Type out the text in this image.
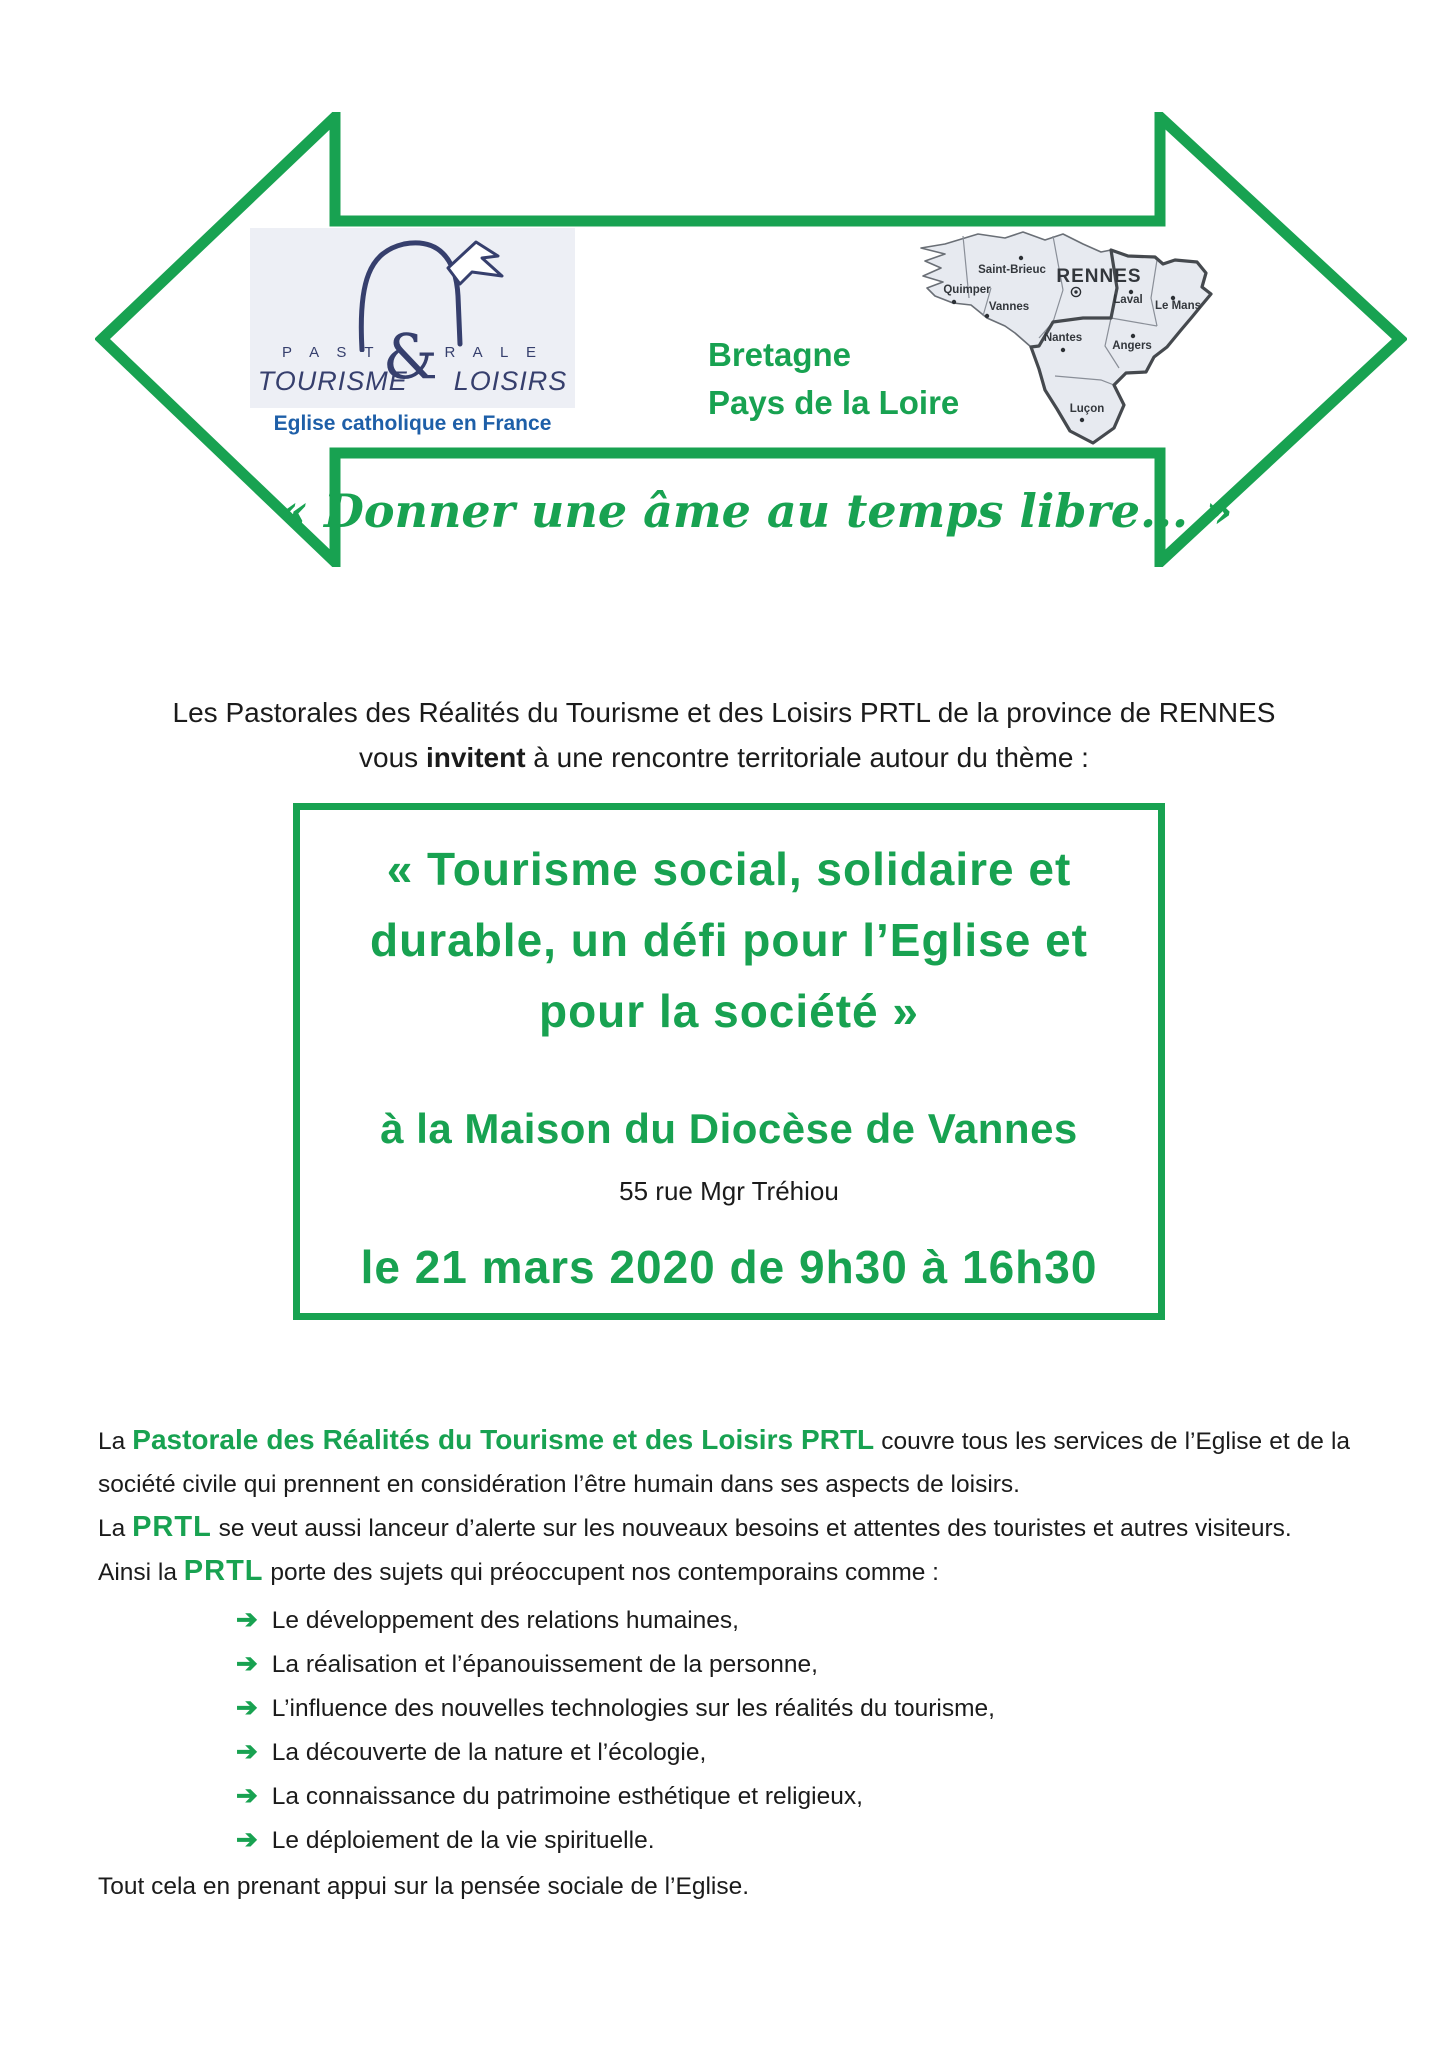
P A S T	R A L E
&
TOURISME LOISIRS
Eglise catholique en France
Bretagne
Pays de la Loire
Saint-Brieuc
Quimper
Vannes
RENNES
Laval Le Mans
Nantes
Angers
Luçon
« Donner une âme au temps libre... »
Les Pastorales des Réalités du Tourisme et des Loisirs PRTL de la province de RENNES
vous invitent à une rencontre territoriale autour du thème :
« Tourisme social, solidaire et
durable, un défi pour l’Eglise et
pour la société »
à la Maison du Diocèse de Vannes
55 rue Mgr Tréhiou
le 21 mars 2020 de 9h30 à 16h30

La Pastorale des Réalités du Tourisme et des Loisirs PRTL couvre tous les services de l’Eglise et de la société civile qui prennent en considération l’être humain dans ses aspects de loisirs.

La PRTL se veut aussi lanceur d’alerte sur les nouveaux besoins et attentes des touristes et autres visiteurs.

Ainsi la PRTL porte des sujets qui préoccupent nos contemporains comme :

➔ Le développement des relations humaines,
➔ La réalisation et l’épanouissement de la personne,
➔ L’influence des nouvelles technologies sur les réalités du tourisme,
➔ La découverte de la nature et l’écologie,
➔ La connaissance du patrimoine esthétique et religieux,
➔ Le déploiement de la vie spirituelle.

Tout cela en prenant appui sur la pensée sociale de l’Eglise.
